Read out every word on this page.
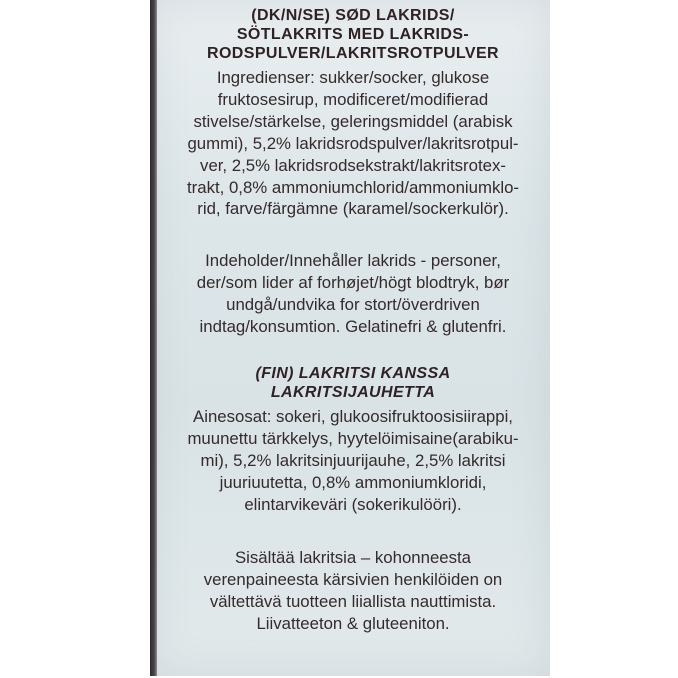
(DK/N/SE) SØD LAKRIDS/
SÖTLAKRITS MED LAKRIDS-
RODSPULVER/LAKRITSROTPULVER
Ingredienser: sukker/socker, glukose
fruktosesirup, modificeret/modifierad
stivelse/stärkelse, geleringsmiddel (arabisk
gummi), 5,2% lakridsrodspulver/lakritsrotpul-
ver, 2,5% lakridsrodsekstrakt/lakritsrotex-
trakt, 0,8% ammoniumchlorid/ammoniumklo-
rid, farve/färgämne (karamel/sockerkulör).
Indeholder/Innehåller lakrids - personer,
der/som lider af forhøjet/högt blodtryk, bør
undgå/undvika for stort/överdriven
indtag/konsumtion. Gelatinefri & glutenfri.
(FIN) LAKRITSI KANSSA
LAKRITSIJAUHETTA
Ainesosat: sokeri, glukoosifruktoosisiirappi,
muunettu tärkkelys, hyytelöimisaine(arabiku-
mi), 5,2% lakritsinjuurijauhe, 2,5% lakritsi
juuriuutetta, 0,8% ammoniumkloridi,
elintarvikeväri (sokerikulööri).
Sisältää lakritsia – kohonneesta
verenpaineesta kärsivien henkilöiden on
vältettävä tuotteen liiallista nauttimista.
Liivatteeton & gluteeniton.
